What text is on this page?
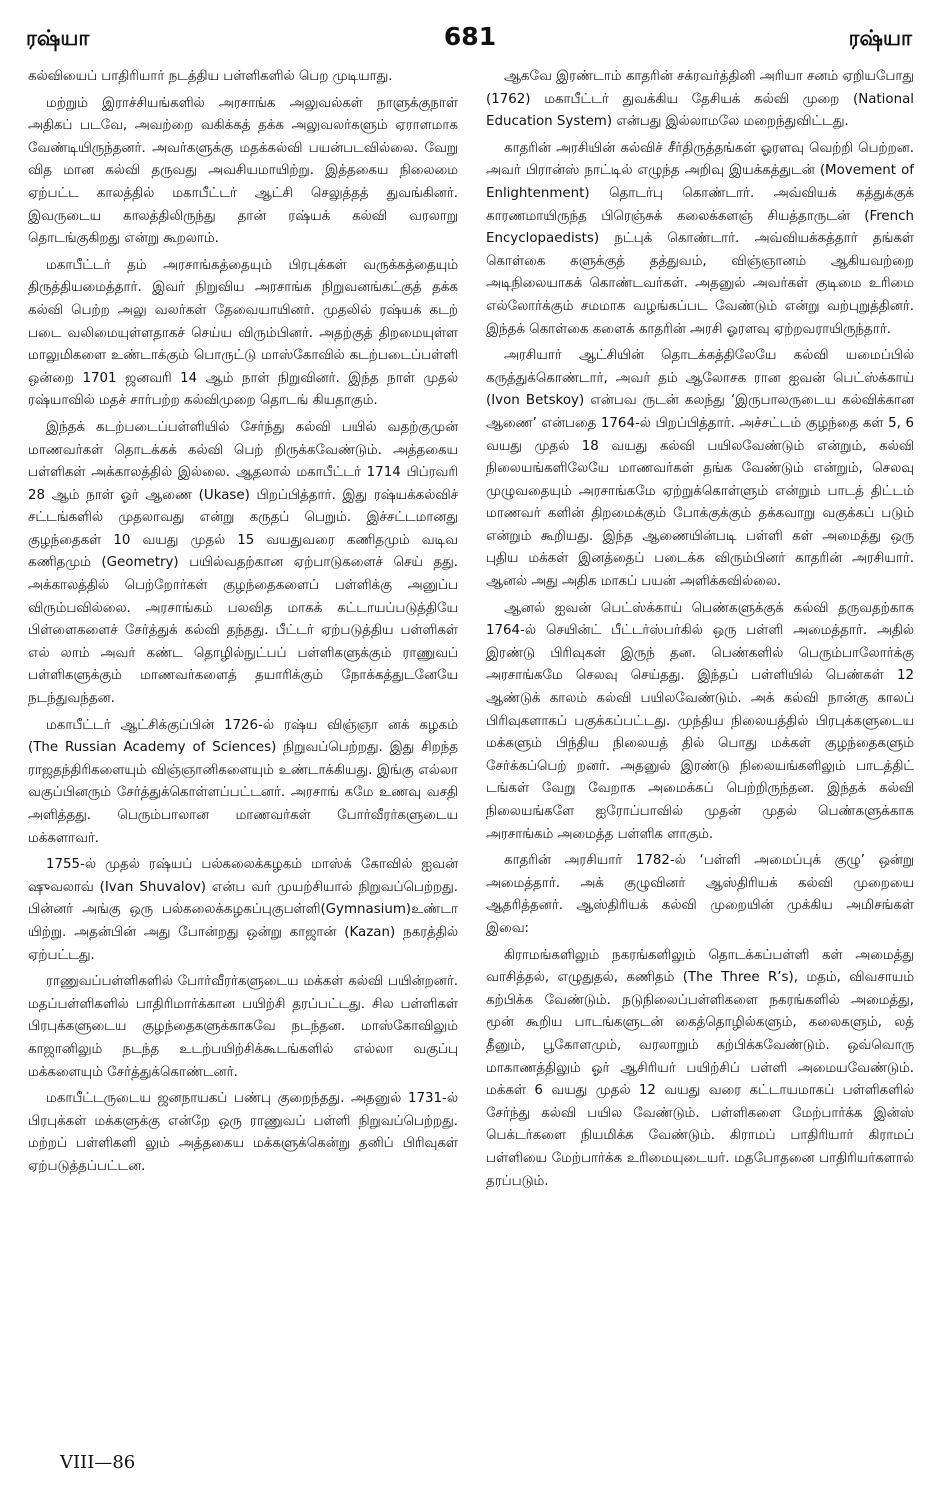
ரஷ்யா	681	ரஷ்யா

கல்வியைப் பாதிரியார் நடத்திய பள்ளிகளில் பெற முடியாது.

மற்றும் இராச்சியங்களில் அரசாங்க அலுவல்கள் நாளுக்குநாள் அதிகப் படவே, அவற்றை வகிக்கத் தக்க அலுவலர்களும் ஏராளமாக வேண்டியிருந்தனர். அவர்களுக்கு மதக்கல்வி பயன்படவில்லை. வேறு வித மான கல்வி தருவது அவசியமாயிற்று. இத்தகைய நிலைமை ஏற்பட்ட காலத்தில் மகாபீட்டர் ஆட்சி செலுத்தத் துவங்கினர். இவருடைய காலத்திலிருந்து தான் ரஷ்யக் கல்வி வரலாறு தொடங்குகிறது என்று கூறலாம்.

மகாபீட்டர் தம் அரசாங்கத்தையும் பிரபுக்கள் வருக்கத்தையும் திருத்தியமைத்தார். இவர் நிறுவிய அரசாங்க நிறுவனங்கட்குத் தக்க கல்வி பெற்ற அலு வலர்கள் தேவையாயினர். முதலில் ரஷ்யக் கடற் படை வலிமையுள்ளதாகச் செய்ய விரும்பினர். அதற்குத் திறமையுள்ள மாலுமிகளை உண்டாக்கும் பொருட்டு மாஸ்கோவில் கடற்படைப்பள்ளி ஒன்றை 1701 ஜனவரி 14 ஆம் நாள் நிறுவினர். இந்த நாள் முதல் ரஷ்யாவில் மதச் சார்பற்ற கல்விமுறை தொடங் கியதாகும்.

இந்தக் கடற்படைப்பள்ளியில் சேர்ந்து கல்வி பயில் வதற்குமுன் மாணவர்கள் தொடக்கக் கல்வி பெற் றிருக்கவேண்டும். அத்தகைய பள்ளிகள் அக்காலத்தில் இல்லை. ஆதலால் மகாபீட்டர் 1714 பிப்ரவரி 28 ஆம் நாள் ஓர் ஆணை (Ukase) பிறப்பித்தார். இது ரஷ்யக்கல்விச் சட்டங்களில் முதலாவது என்று கருதப் பெறும். இச்சட்டமானது குழந்தைகள் 10 வயது முதல் 15 வயதுவரை கணிதமும் வடிவ கணிதமும் (Geometry) பயில்வதற்கான ஏற்பாடுகளைச் செய் தது. அக்காலத்தில் பெற்றோர்கள் குழந்தைகளைப் பள்ளிக்கு அனுப்ப விரும்பவில்லை. அரசாங்கம் பலவித மாகக் கட்டாயப்படுத்தியே பிள்ளைகளைச் சேர்த்துக் கல்வி தந்தது. பீட்டர் ஏற்படுத்திய பள்ளிகள் எல் லாம் அவர் கண்ட தொழில்நுட்பப் பள்ளிகளுக்கும் ராணுவப் பள்ளிகளுக்கும் மாணவர்களைத் தயாரிக்கும் நோக்கத்துடனேயே நடந்துவந்தன.

மகாபீட்டர் ஆட்சிக்குப்பின் 1726-ல் ரஷ்ய விஞ்ஞா னக் கழகம் (The Russian Academy of Sciences) நிறுவப்பெற்றது. இது சிறந்த ராஜதந்திரிகளையும் விஞ்ஞானிகளையும் உண்டாக்கியது. இங்கு எல்லா வகுப்பினரும் சேர்த்துக்கொள்ளப்பட்டனர். அரசாங் கமே உணவு வசதி அளித்தது. பெரும்பாலான மாணவர்கள் போர்வீரர்களுடைய மக்களாவர்.

1755-ல் முதல் ரஷ்யப் பல்கலைக்கழகம் மாஸ்க் கோவில் ஐவன் ஷுவலாவ் (Ivan Shuvalov) என்ப வர் முயற்சியால் நிறுவப்பெற்றது. பின்னர் அங்கு ஒரு பல்கலைக்கழகப்புகுபள்ளி(Gymnasium)உண்டா யிற்று. அதன்பின் அது போன்றது ஒன்று காஜான் (Kazan) நகரத்தில் ஏற்பட்டது.

ராணுவப்பள்ளிகளில் போர்வீரர்களுடைய மக்கள் கல்வி பயின்றனர். மதப்பள்ளிகளில் பாதிரிமார்க்கான பயிற்சி தரப்பட்டது. சில பள்ளிகள் பிரபுக்களுடைய குழந்தைகளுக்காகவே நடந்தன. மாஸ்கோவிலும் காஜானிலும் நடந்த உடற்பயிற்சிக்கூடங்களில் எல்லா வகுப்பு மக்களையும் சேர்த்துக்கொண்டனர்.

மகாபீட்டருடைய ஜனநாயகப் பண்பு குறைந்தது. அதனுல் 1731-ல் பிரபுக்கள் மக்களுக்கு என்றே ஒரு ராணுவப் பள்ளி நிறுவப்பெற்றது. மற்றப் பள்ளிகளி லும் அத்தகைய மக்களுக்கென்று தனிப் பிரிவுகள் ஏற்படுத்தப்பட்டன.

ஆகவே இரண்டாம் காதரின் சக்ரவர்த்தினி அரியா சனம் ஏறியபோது (1762) மகாபீட்டர் துவக்கிய தேசியக் கல்வி முறை (National Education System) என்பது இல்லாமலே மறைந்துவிட்டது.

காதரின் அரசியின் கல்விச் சீர்திருத்தங்கள் ஓரளவு வெற்றி பெற்றன. அவர் பிரான்ஸ் நாட்டில் எழுந்த அறிவு இயக்கத்துடன் (Movement of Enlightenment) தொடர்பு கொண்டார். அவ்வியக் கத்துக்குக் காரணமாயிருந்த பிரெஞ்சுக் கலைக்களஞ் சியத்தாருடன் (French Encyclopaedists) நட்புக் கொண்டார். அவ்வியக்கத்தார் தங்கள் கொள்கை களுக்குத் தத்துவம், விஞ்ஞானம் ஆகியவற்றை அடிநிலையாகக் கொண்டவர்கள். அதனுல் அவர்கள் குடிமை உரிமை எல்லோர்க்கும் சமமாக வழங்கப்பட வேண்டும் என்று வற்புறுத்தினர். இந்தக் கொள்கை களைக் காதரின் அரசி ஓரளவு ஏற்றவராயிருந்தார்.

அரசியார் ஆட்சியின் தொடக்கத்திலேயே கல்வி யமைப்பில் கருத்துக்கொண்டார், அவர் தம் ஆலோசக ரான ஐவன் பெட்ஸ்க்காய் (Ivon Betskoy) என்பவ ருடன் கலந்து ‘இருபாலருடைய கல்விக்கான ஆணை’ என்பதை 1764-ல் பிறப்பித்தார். அச்சட்டம் குழந்தை கள் 5, 6 வயது முதல் 18 வயது கல்வி பயிலவேண்டும் என்றும், கல்வி நிலையங்களிலேயே மாணவர்கள் தங்க வேண்டும் என்றும், செலவு முழுவதையும் அரசாங்கமே ஏற்றுக்கொள்ளும் என்றும் பாடத் திட்டம் மாணவர் களின் திறமைக்கும் போக்குக்கும் தக்கவாறு வகுக்கப் படும் என்றும் கூறியது. இந்த ஆணையின்படி பள்ளி கள் அமைத்து ஒரு புதிய மக்கள் இனத்தைப் படைக்க விரும்பினர் காதரின் அரசியார். ஆனல் அது அதிக மாகப் பயன் அளிக்கவில்லை.

ஆனல் ஐவன் பெட்ஸ்க்காய் பெண்களுக்குக் கல்வி தருவதற்காக 1764-ல் செயின்ட் பீட்டர்ஸ்பர்கில் ஒரு பள்ளி அமைத்தார். அதில் இரண்டு பிரிவுகள் இருந் தன. பெண்களில் பெரும்பாலோர்க்கு அரசாங்கமே செலவு செய்தது. இந்தப் பள்ளியில் பெண்கள் 12 ஆண்டுக் காலம் கல்வி பயிலவேண்டும். அக் கல்வி நான்கு காலப் பிரிவுகளாகப் பகுக்கப்பட்டது. முந்திய நிலையத்தில் பிரபுக்களுடைய மக்களும் பிந்திய நிலையத் தில் பொது மக்கள் குழந்தைகளும் சேர்க்கப்பெற் றனர். அதனுல் இரண்டு நிலையங்களிலும் பாடத்திட் டங்கள் வேறு வேறாக அமைக்கப் பெற்றிருந்தன. இந்தக் கல்வி நிலையங்களே ஐரோப்பாவில் முதன் முதல் பெண்களுக்காக அரசாங்கம் அமைத்த பள்ளிக ளாகும்.

காதரின் அரசியார் 1782-ல் ‘பள்ளி அமைப்புக் குழு’ ஒன்று அமைத்தார். அக் குழுவினர் ஆஸ்திரியக் கல்வி முறையை ஆதரித்தனர். ஆஸ்திரியக் கல்வி முறையின் முக்கிய அமிசங்கள் இவை:

கிராமங்களிலும் நகரங்களிலும் தொடக்கப்பள்ளி கள் அமைத்து வாசித்தல், எழுதுதல், கணிதம் (The Three R’s), மதம், விவசாயம் கற்பிக்க வேண்டும். நடுநிலைப்பள்ளிகளை நகரங்களில் அமைத்து, மூன் கூறிய பாடங்களுடன் கைத்தொழில்களும், கலைகளும், லத் தீனும், பூகோளமும், வரலாறும் கற்பிக்கவேண்டும். ஒவ்வொரு மாகாணத்திலும் ஓர் ஆசிரியர் பயிற்சிப் பள்ளி அமையவேண்டும். மக்கள் 6 வயது முதல் 12 வயது வரை கட்டாயமாகப் பள்ளிகளில் சேர்ந்து கல்வி பயில வேண்டும். பள்ளிகளை மேற்பார்க்க இன்ஸ் பெக்டர்களை நியமிக்க வேண்டும். கிராமப் பாதிரியார் கிராமப் பள்ளியை மேற்பார்க்க உரிமையுடையர். மதபோதனை பாதிரியர்களால் தரப்படும்.

VIII—86
